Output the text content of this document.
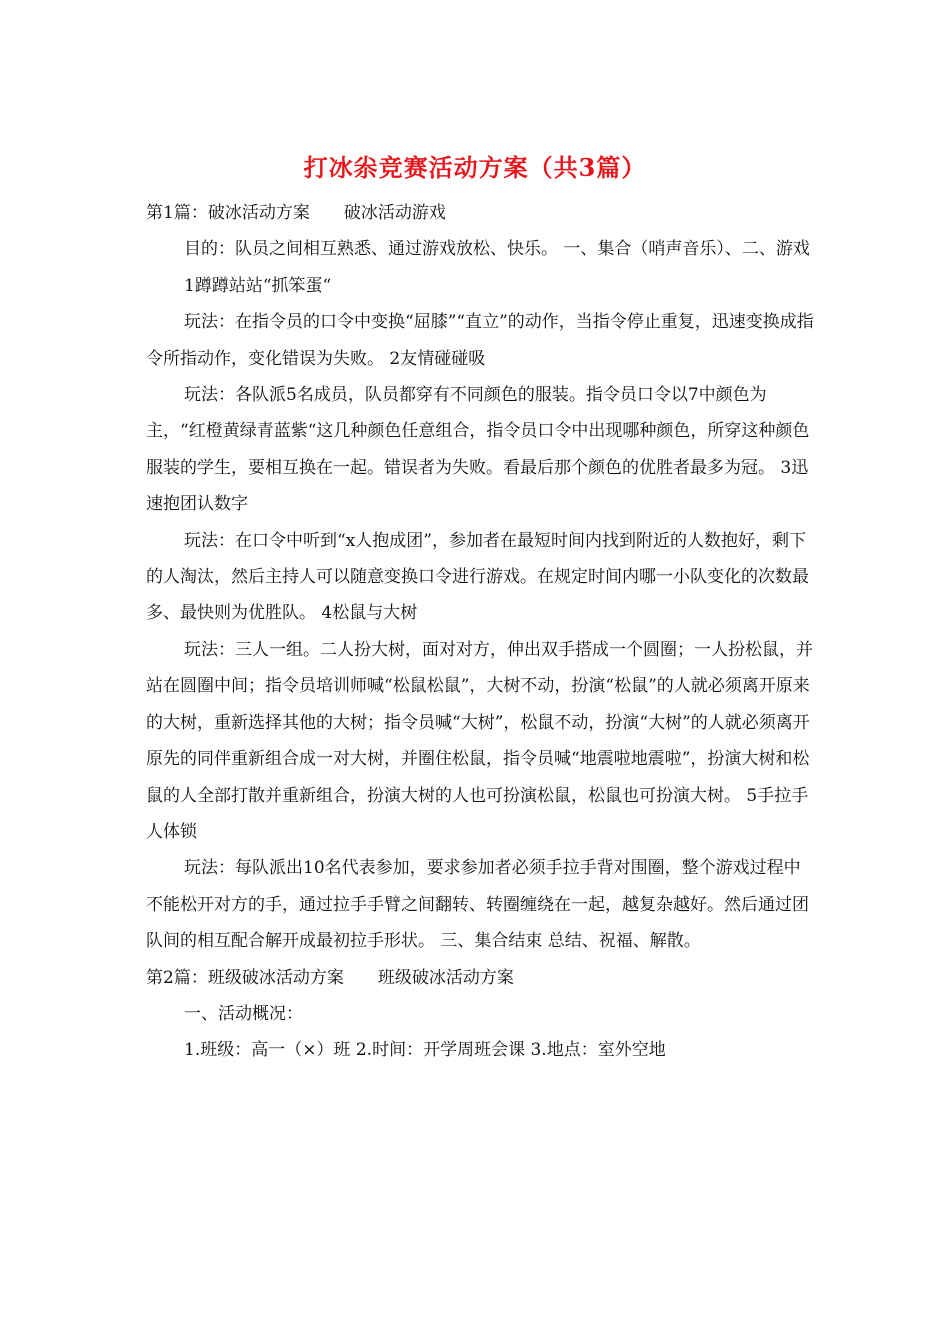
打冰尜竞赛活动方案（共3篇）

第1篇：破冰活动方案　　破冰活动游戏

目的：队员之间相互熟悉、通过游戏放松、快乐。 一、集合（哨声音乐）、二、游戏

1蹲蹲站站“抓笨蛋“

玩法：在指令员的口令中变换“屈膝”“直立”的动作，当指令停止重复，迅速变换成指令所指动作，变化错误为失败。 2友情碰碰吸

玩法：各队派5名成员，队员都穿有不同颜色的服装。指令员口令以7中颜色为主，“红橙黄绿青蓝紫“这几种颜色任意组合，指令员口令中出现哪种颜色，所穿这种颜色服装的学生，要相互换在一起。错误者为失败。看最后那个颜色的优胜者最多为冠。 3迅速抱团认数字

玩法：在口令中听到“x人抱成团”，参加者在最短时间内找到附近的人数抱好，剩下的人淘汰，然后主持人可以随意变换口令进行游戏。在规定时间内哪一小队变化的次数最多、最快则为优胜队。 4松鼠与大树

玩法：三人一组。二人扮大树，面对对方，伸出双手搭成一个圆圈；一人扮松鼠，并站在圆圈中间；指令员培训师喊“松鼠松鼠”，大树不动，扮演“松鼠”的人就必须离开原来的大树，重新选择其他的大树；指令员喊“大树”，松鼠不动，扮演“大树”的人就必须离开原先的同伴重新组合成一对大树，并圈住松鼠，指令员喊“地震啦地震啦”，扮演大树和松鼠的人全部打散并重新组合，扮演大树的人也可扮演松鼠，松鼠也可扮演大树。 5手拉手人体锁

玩法：每队派出10名代表参加，要求参加者必须手拉手背对围圈，整个游戏过程中不能松开对方的手，通过拉手手臂之间翻转、转圈缠绕在一起，越复杂越好。然后通过团队间的相互配合解开成最初拉手形状。 三、集合结束 总结、祝福、解散。

第2篇：班级破冰活动方案　　班级破冰活动方案

一、活动概况：

1.班级：高一（×）班 2.时间：开学周班会课 3.地点：室外空地
